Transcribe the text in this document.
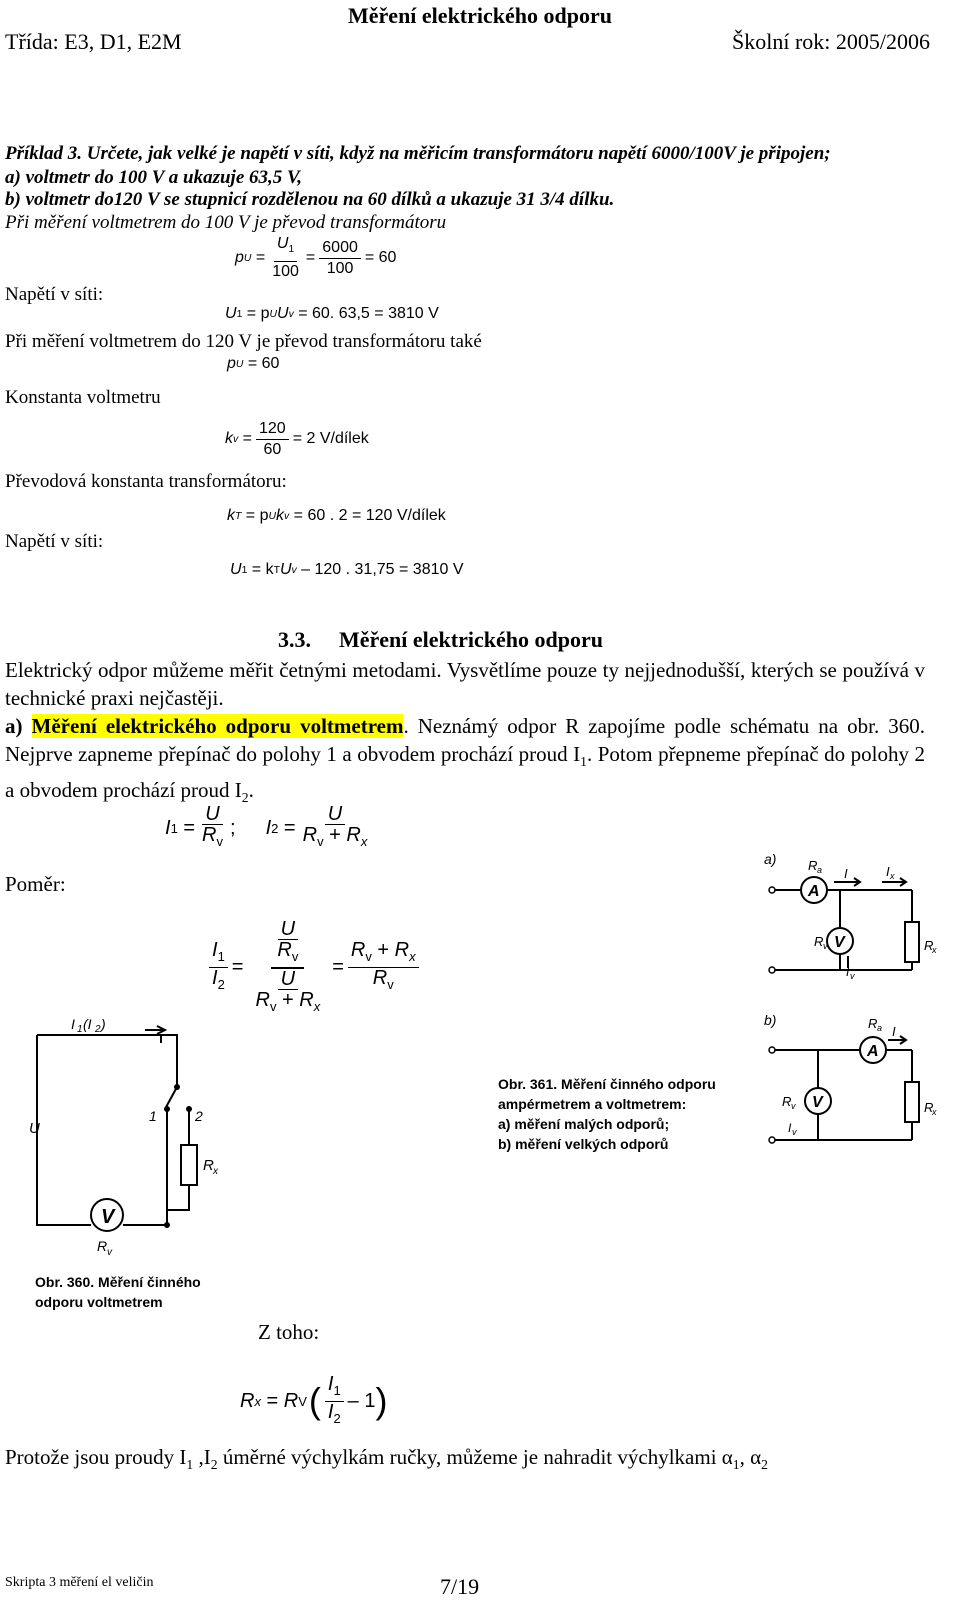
Měření elektrického odporu
Třída: E3, D1, E2M	Školní rok: 2005/2006
Příklad 3. Určete, jak velké je napětí v síti, když na měřicím transformátoru napětí 6000/100V je připojen;
a) voltmetr do 100 V a ukazuje 63,5 V,
b) voltmetr do120 V se stupnicí rozdělenou na 60 dílků a ukazuje 31 3/4 dílku.
Při měření voltmetrem do 100 V je převod transformátoru
p $U = \frac{U_1}{100} = \frac{6000}{100} = 60$
Napětí v síti:
U 1 = p U U v = 60 . 63,5 = 3810 V
Při měření voltmetrem do 120 V je převod transformátoru také
p U = 60
Konstanta voltmetru
k $v = \frac{120}{60} = 2$ V/dílek
Převodová konstanta transformátoru:
k T = p U k v
= 60 . 2 = 120 V/dílek
Napětí v síti:
U 1 = k T U v
– 120 . 31,75 = 3810 V
3.3. Měření elektrického odporu
Elektrický odpor můžeme měřit četnými metodami. Vysvětlíme pouze ty nejjednodušší, kterých se používá v technické praxi nejčastěji.
a) Měření elektrického odporu voltmetrem. Neznámý odpor R zapojíme podle schématu na obr. 360. Nejprve zapneme přepínač do polohy 1 a obvodem prochází proud $I_1$. Potom přepneme přepínač do polohy 2 a obvodem prochází proud $I_2$.
I $1 = \frac{U}{R_v}$ ; I $2 = \frac{U}{R_v + R_x}$
Poměr:
$\frac{I_1}{I_2} = \frac{\frac{U}{R_v}}{\frac{U}{R_v + R_x}} = \frac{R_v + R_x}{R_v}$
V
I 1 (I 2 )
U
1	2
R x
R v
Obr. 360. Měření činného
odporu voltmetrem
a) R a
A
I	I x
R v V
I v
R
x
b)	R a
A
I
R v V
I v
R
x
Obr. 361. Měření činného odporu
ampérmetrem a voltmetrem:
a) měření malých odporů;
b) měření velkých odporů
Z toho:
R x = R V ( $\frac{I_1}{I_2} - 1$ )
Protože jsou proudy $I_1$ $,I_2$ úměrné výchylkám ručky, můžeme je nahradit výchylkami $\alpha_1$, $\alpha_2$
Skripta 3 měření el veličin	7/19
